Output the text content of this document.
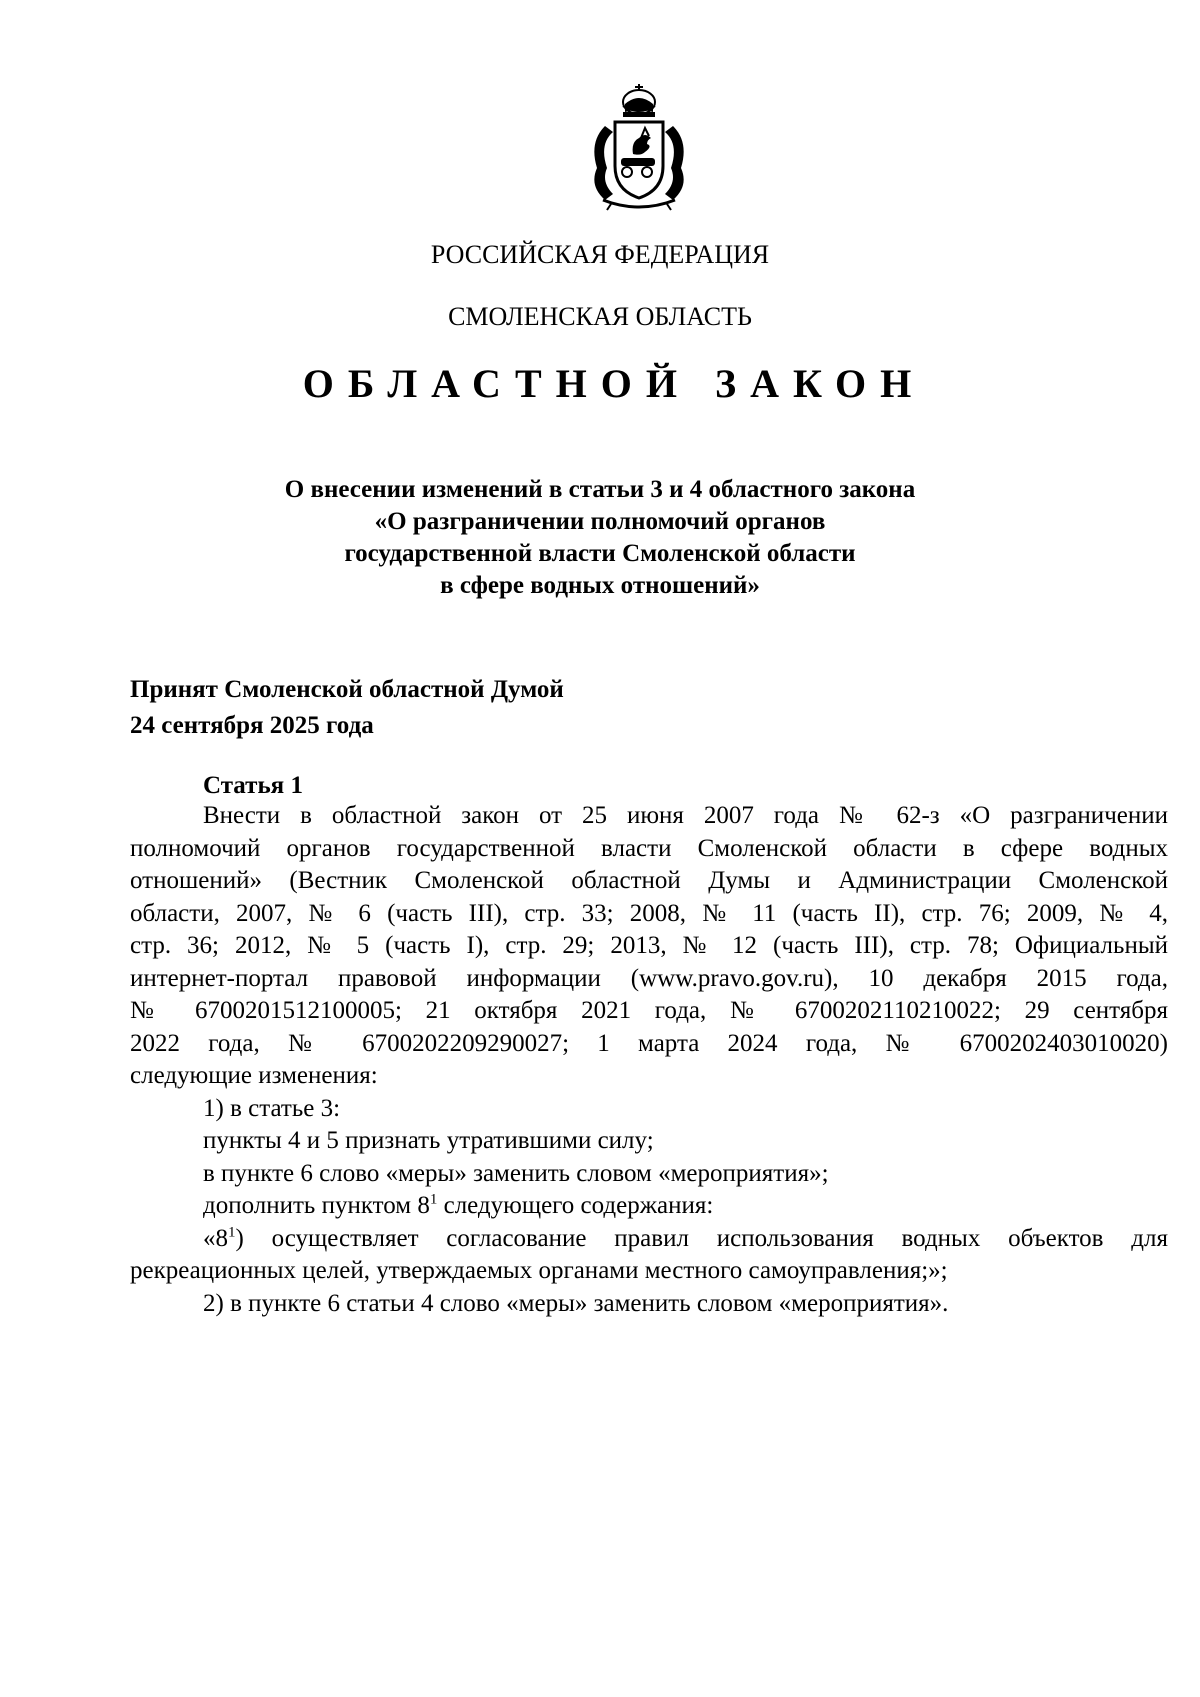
РОССИЙСКАЯ ФЕДЕРАЦИЯ
СМОЛЕНСКАЯ ОБЛАСТЬ
ОБЛАСТНОЙ ЗАКОН
О внесении изменений в статьи 3 и 4 областного закона
«О разграничении полномочий органов
государственной власти Смоленской области
в сфере водных отношений»
Принят Смоленской областной Думой
24 сентября 2025 года
Статья 1
Внести в областной закон от 25 июня 2007 года № 62-з «О разграничении
полномочий органов государственной власти Смоленской области в сфере водных
отношений» (Вестник Смоленской областной Думы и Администрации Смоленской
области, 2007, № 6 (часть III), стр. 33; 2008, № 11 (часть II), стр. 76; 2009, № 4,
стр. 36; 2012, № 5 (часть I), стр. 29; 2013, № 12 (часть III), стр. 78; Официальный
интернет-портал правовой информации (www.pravo.gov.ru), 10 декабря 2015 года,
№ 6700201512100005; 21 октября 2021 года, № 6700202110210022; 29 сентября
2022 года, № 6700202209290027; 1 марта 2024 года, № 6700202403010020)
следующие изменения:
1) в статье 3:
пункты 4 и 5 признать утратившими силу;
в пункте 6 слово «меры» заменить словом «мероприятия»;
дополнить пунктом $8^1$ следующего содержания:
«$8^1$) осуществляет согласование правил использования водных объектов для
рекреационных целей, утверждаемых органами местного самоуправления;»;
2) в пункте 6 статьи 4 слово «меры» заменить словом «мероприятия».
